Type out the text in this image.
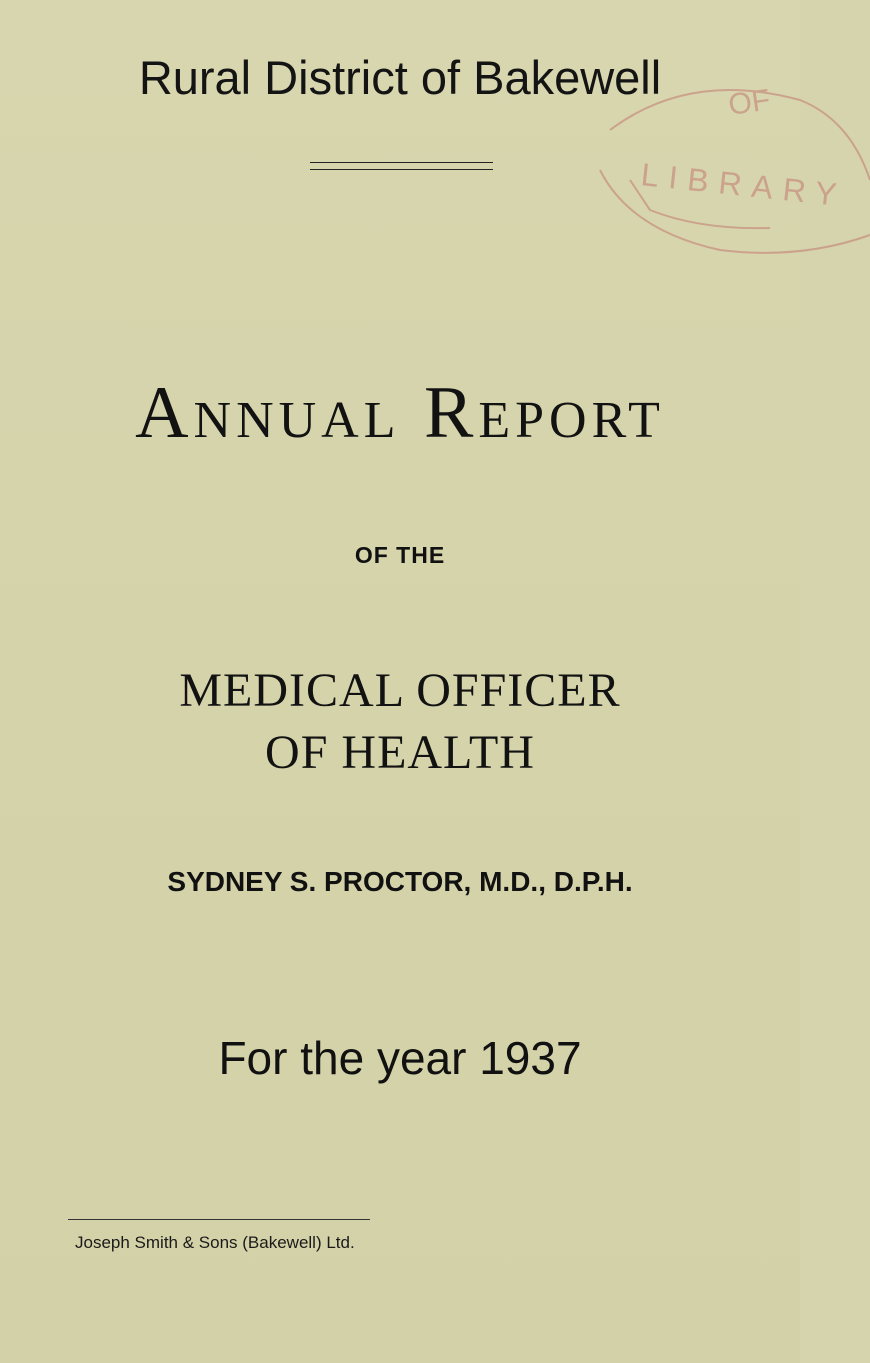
OF
LIBRARY
Rural District of Bakewell
Annual Report
OF THE
MEDICAL OFFICER
OF HEALTH
SYDNEY S. PROCTOR, M.D., D.P.H.
For the year 1937
Joseph Smith & Sons (Bakewell) Ltd.
